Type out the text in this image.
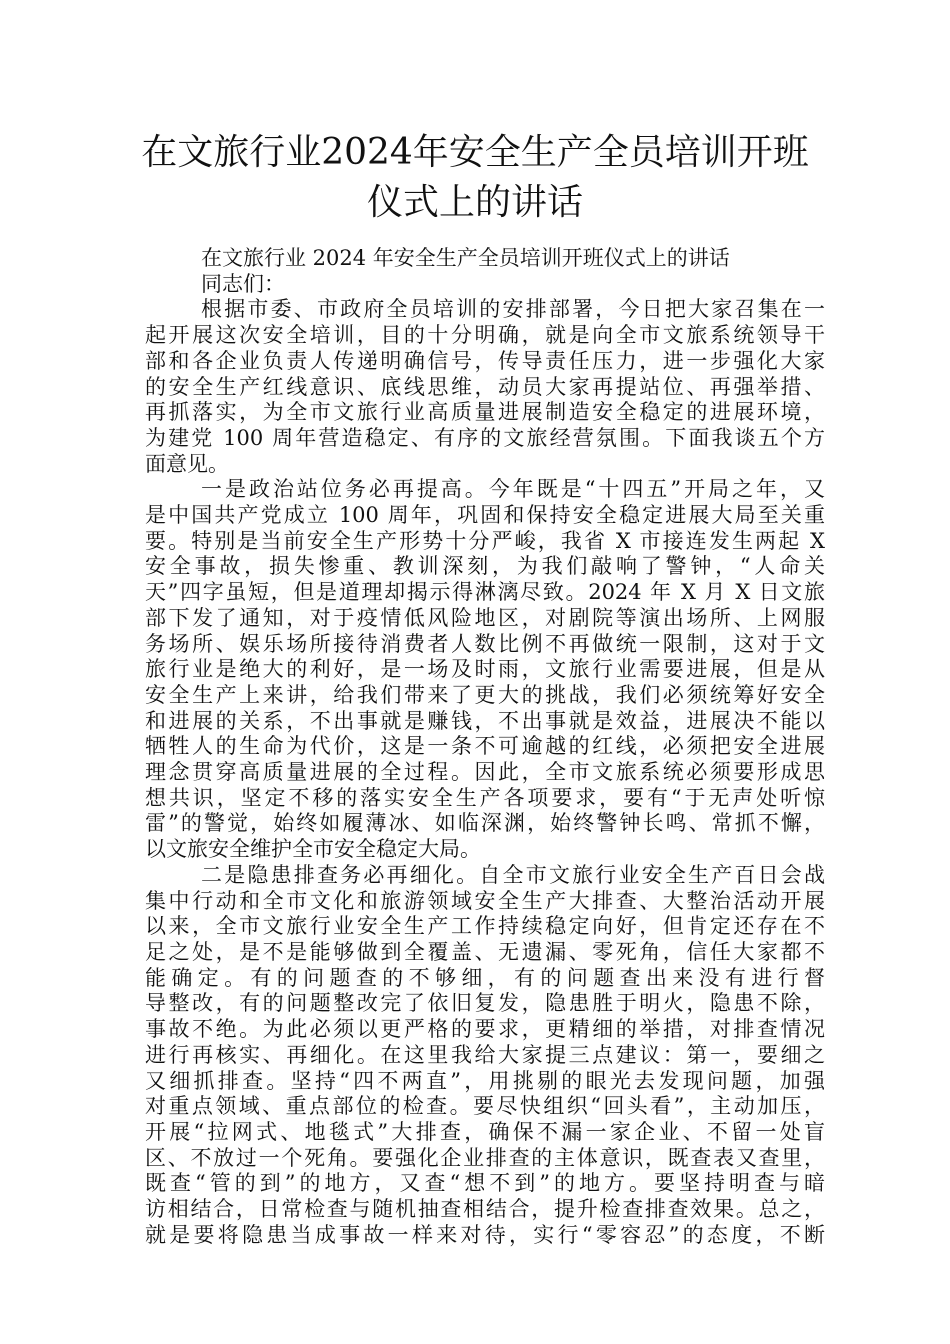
在文旅行业2024年安全生产全员培训开班
仪式上的讲话

在文旅行业 2024 年安全生产全员培训开班仪式上的讲话

同志们：

根据市委、市政府全员培训的安排部署，今日把大家召集在一

起开展这次安全培训，目的十分明确，就是向全市文旅系统领导干

部和各企业负责人传递明确信号，传导责任压力，进一步强化大家

的安全生产红线意识、底线思维，动员大家再提站位、再强举措、

再抓落实，为全市文旅行业高质量进展制造安全稳定的进展环境，

为建党 100 周年营造稳定、有序的文旅经营氛围。下面我谈五个方

面意见。

一是政治站位务必再提高。今年既是“十四五”开局之年，又

是中国共产党成立 100 周年，巩固和保持安全稳定进展大局至关重

要。特别是当前安全生产形势十分严峻，我省 X 市接连发生两起 X

安全事故，损失惨重、教训深刻，为我们敲响了警钟，“人命关

天”四字虽短，但是道理却揭示得淋漓尽致。2024 年 X 月 X 日文旅

部下发了通知，对于疫情低风险地区，对剧院等演出场所、上网服

务场所、娱乐场所接待消费者人数比例不再做统一限制，这对于文

旅行业是绝大的利好，是一场及时雨，文旅行业需要进展，但是从

安全生产上来讲，给我们带来了更大的挑战，我们必须统筹好安全

和进展的关系，不出事就是赚钱，不出事就是效益，进展决不能以

牺牲人的生命为代价，这是一条不可逾越的红线，必须把安全进展

理念贯穿高质量进展的全过程。因此，全市文旅系统必须要形成思

想共识，坚定不移的落实安全生产各项要求，要有“于无声处听惊

雷”的警觉，始终如履薄冰、如临深渊，始终警钟长鸣、常抓不懈，

以文旅安全维护全市安全稳定大局。

二是隐患排查务必再细化。自全市文旅行业安全生产百日会战

集中行动和全市文化和旅游领域安全生产大排查、大整治活动开展

以来，全市文旅行业安全生产工作持续稳定向好，但肯定还存在不

足之处，是不是能够做到全覆盖、无遗漏、零死角，信任大家都不

能确定。有的问题查的不够细，有的问题查出来没有进行督

导整改，有的问题整改完了依旧复发，隐患胜于明火，隐患不除，

事故不绝。为此必须以更严格的要求，更精细的举措，对排查情况

进行再核实、再细化。在这里我给大家提三点建议：第一，要细之

又细抓排查。坚持“四不两直”，用挑剔的眼光去发现问题，加强

对重点领域、重点部位的检查。要尽快组织“回头看”，主动加压，

开展“拉网式、地毯式”大排查，确保不漏一家企业、不留一处盲

区、不放过一个死角。要强化企业排查的主体意识，既查表又查里，

既查“管的到”的地方，又查“想不到”的地方。要坚持明查与暗

访相结合，日常检查与随机抽查相结合，提升检查排查效果。总之，

就是要将隐患当成事故一样来对待，实行“零容忍”的态度，不断
